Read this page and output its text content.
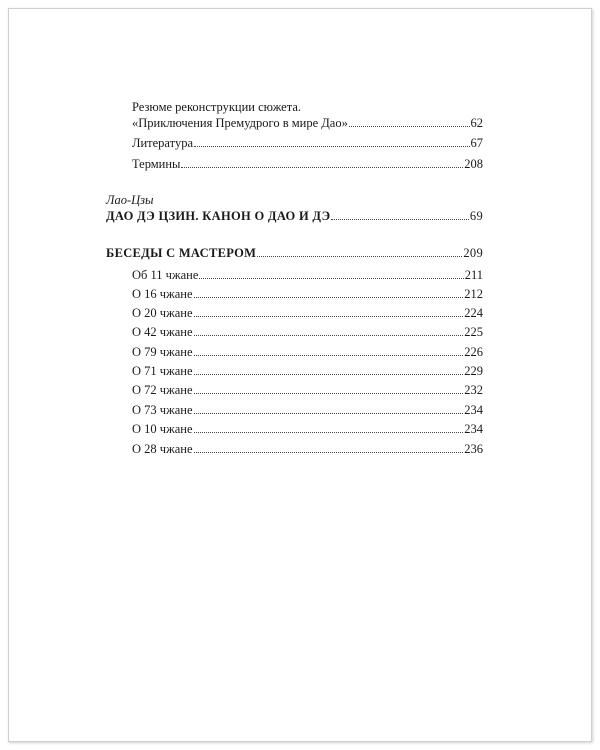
Резюме реконструкции сюжета.
«Приключения Премудрого в мире Дао»	62
Литература	67
Термины	208
Лао-Цзы
ДАО ДЭ ЦЗИН. КАНОН О ДАО И ДЭ	69
БЕСЕДЫ С МАСТЕРОМ	209
Об 11 чжане	211
О 16 чжане	212
О 20 чжане	224
О 42 чжане	225
О 79 чжане	226
О 71 чжане	229
О 72 чжане	232
О 73 чжане	234
О 10 чжане	234
О 28 чжане	236
